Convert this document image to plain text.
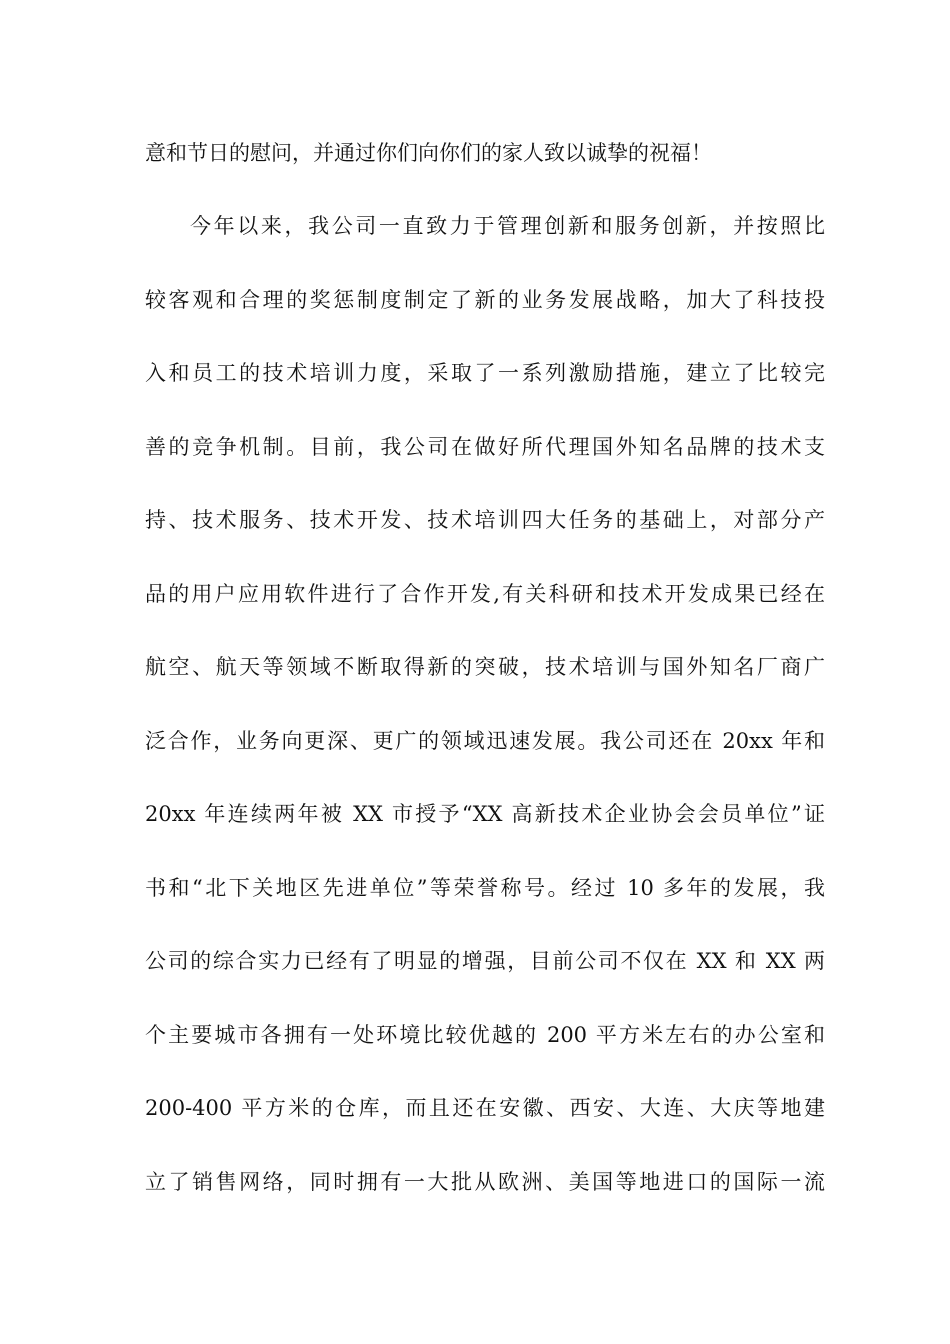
意和节日的慰问，并通过你们向你们的家人致以诚挚的祝福！
今年以来，我公司一直致力于管理创新和服务创新，并按照比
较客观和合理的奖惩制度制定了新的业务发展战略，加大了科技投
入和员工的技术培训力度，采取了一系列激励措施，建立了比较完
善的竞争机制。目前，我公司在做好所代理国外知名品牌的技术支
持、技术服务、技术开发、技术培训四大任务的基础上，对部分产
品的用户应用软件进行了合作开发,有关科研和技术开发成果已经在
航空、航天等领域不断取得新的突破，技术培训与国外知名厂商广
泛合作，业务向更深、更广的领域迅速发展。我公司还在 20xx 年和
20xx 年连续两年被 XX 市授予“XX 高新技术企业协会会员单位”证
书和“北下关地区先进单位”等荣誉称号。经过 10 多年的发展，我
公司的综合实力已经有了明显的增强，目前公司不仅在 XX 和 XX 两
个主要城市各拥有一处环境比较优越的 200 平方米左右的办公室和
200-400 平方米的仓库，而且还在安徽、西安、大连、大庆等地建
立了销售网络，同时拥有一大批从欧洲、美国等地进口的国际一流
